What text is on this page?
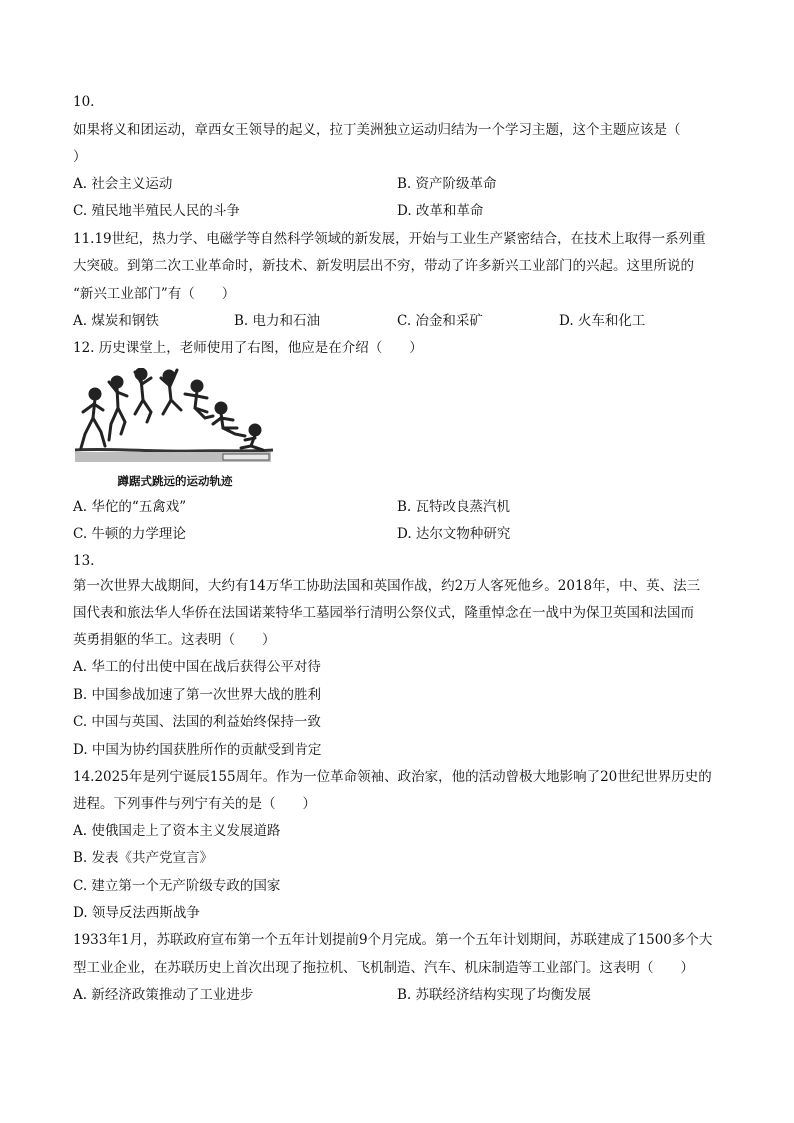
10.
如果将义和团运动，章西女王领导的起义，拉丁美洲独立运动归结为一个学习主题，这个主题应该是（
）
A. 社会主义运动	B. 资产阶级革命
C. 殖民地半殖民人民的斗争	D. 改革和革命
11.19世纪，热力学、电磁学等自然科学领域的新发展，开始与工业生产紧密结合，在技术上取得一系列重
大突破。到第二次工业革命时，新技术、新发明层出不穷，带动了许多新兴工业部门的兴起。这里所说的
“新兴工业部门”有（　　）
A. 煤炭和钢铁	B. 电力和石油	C. 冶金和采矿	D. 火车和化工
12. 历史课堂上，老师使用了右图，他应是在介绍（　　）
蹲踞式跳远的运动轨迹
A. 华佗的“五禽戏”	B. 瓦特改良蒸汽机
C. 牛顿的力学理论	D. 达尔文物种研究
13.
第一次世界大战期间，大约有14万华工协助法国和英国作战，约2万人客死他乡。2018年，中、英、法三
国代表和旅法华人华侨在法国诺莱特华工墓园举行清明公祭仪式，隆重悼念在一战中为保卫英国和法国而
英勇捐躯的华工。这表明（　　）
A. 华工的付出使中国在战后获得公平对待
B. 中国参战加速了第一次世界大战的胜利
C. 中国与英国、法国的利益始终保持一致
D. 中国为协约国获胜所作的贡献受到肯定
14.2025年是列宁诞辰155周年。作为一位革命领袖、政治家，他的活动曾极大地影响了20世纪世界历史的
进程。下列事件与列宁有关的是（　　）
A. 使俄国走上了资本主义发展道路
B. 发表《共产党宣言》
C. 建立第一个无产阶级专政的国家
D. 领导反法西斯战争
1933年1月，苏联政府宣布第一个五年计划提前9个月完成。第一个五年计划期间，苏联建成了1500多个大
型工业企业，在苏联历史上首次出现了拖拉机、飞机制造、汽车、机床制造等工业部门。这表明（　　）
A. 新经济政策推动了工业进步	B. 苏联经济结构实现了均衡发展
